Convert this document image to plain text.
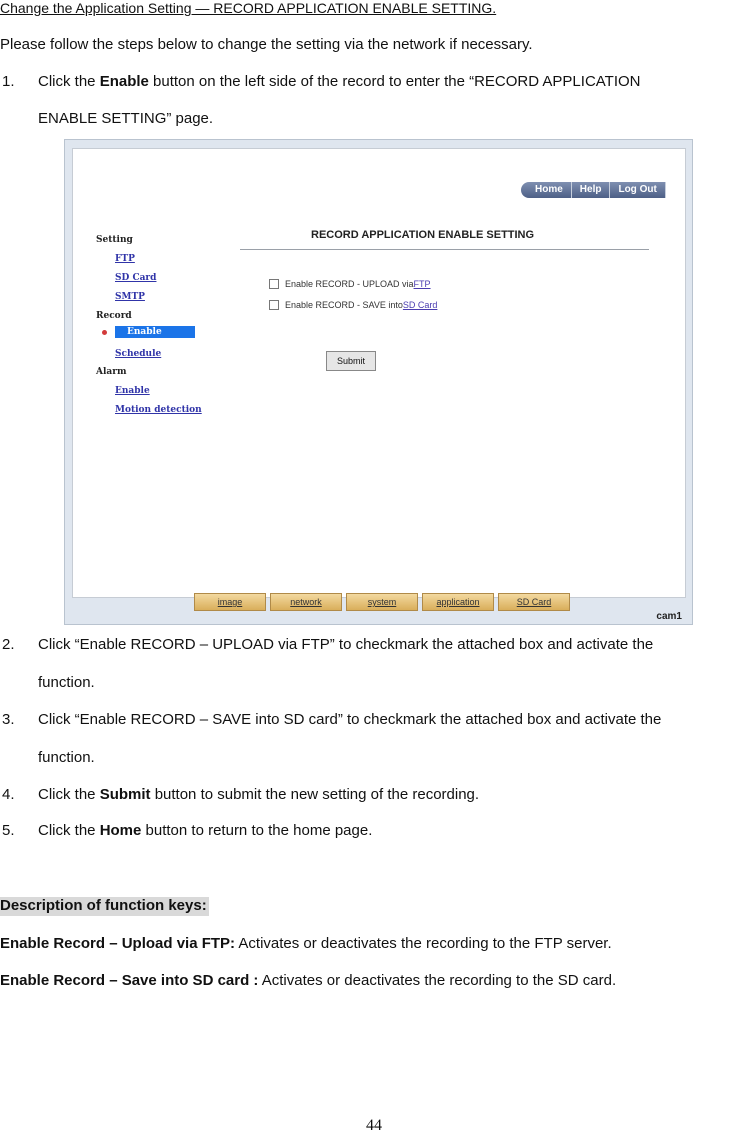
Change the Application Setting — RECORD APPLICATION ENABLE SETTING.
Please follow the steps below to change the setting via the network if necessary.
1. Click the Enable button on the left side of the record to enter the “RECORD APPLICATION
ENABLE SETTING” page.
Home	Help	Log Out
Setting
FTP
SD Card
SMTP
Record
Enable
Schedule
Alarm
Enable
Motion detection
RECORD APPLICATION ENABLE SETTING
Enable RECORD - UPLOAD via FTP
Enable RECORD - SAVE into SD Card
Submit
image	network	system	application	SD Card
cam1
2. Click “Enable RECORD – UPLOAD via FTP” to checkmark the attached box and activate the
function.
3. Click “Enable RECORD – SAVE into SD card” to checkmark the attached box and activate the
function.
4. Click the Submit button to submit the new setting of the recording.
5. Click the Home button to return to the home page.
Description of function keys:
Enable Record – Upload via FTP: Activates or deactivates the recording to the FTP server.
Enable Record – Save into SD card : Activates or deactivates the recording to the SD card.
44
